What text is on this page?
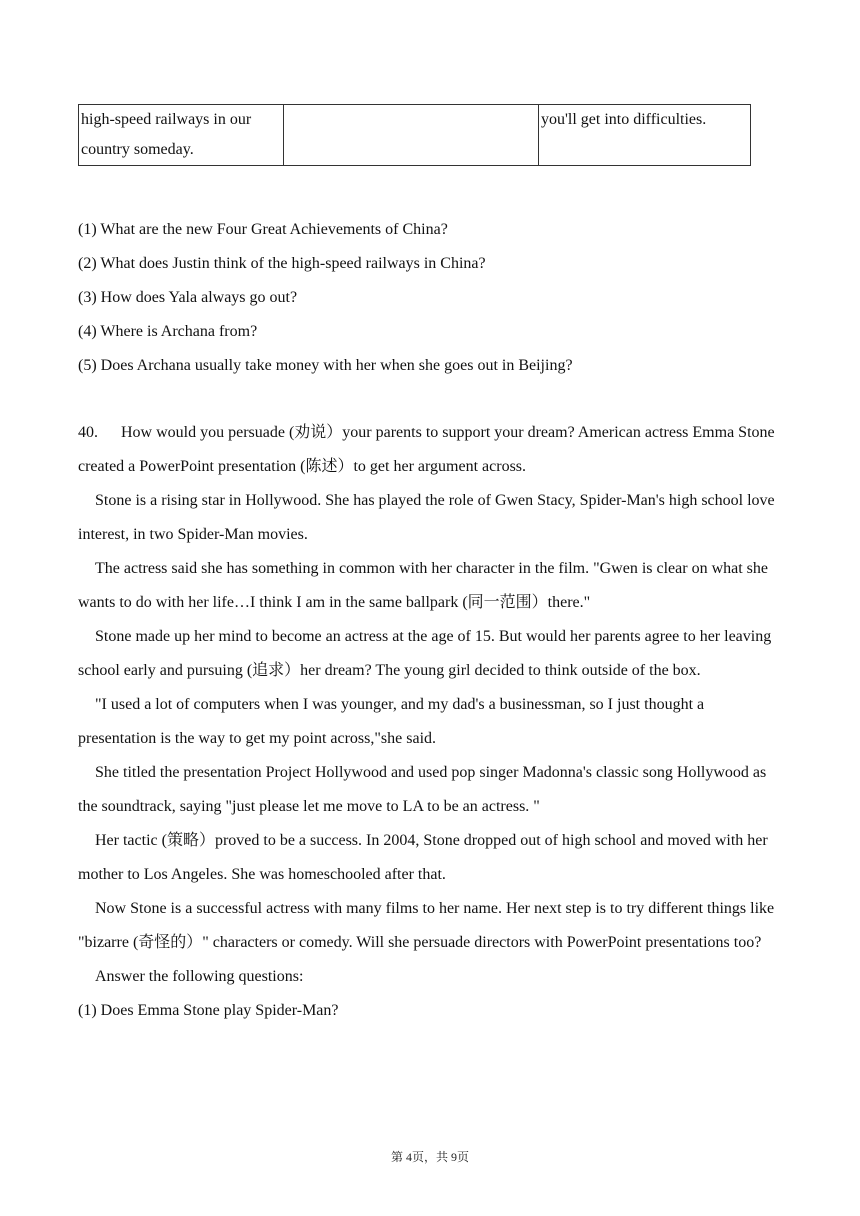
high-speed railways in our country someday.		you'll get into difficulties.
(1) What are the new Four Great Achievements of China?
(2) What does Justin think of the high-speed railways in China?
(3) How does Yala always go out?
(4) Where is Archana from?
(5) Does Archana usually take money with her when she goes out in Beijing?

40. How would you persuade (劝说）your parents to support your dream? American actress Emma Stone created a PowerPoint presentation (陈述）to get her argument across.

Stone is a rising star in Hollywood. She has played the role of Gwen Stacy, Spider-Man's high school love interest, in two Spider-Man movies.

The actress said she has something in common with her character in the film. "Gwen is clear on what she wants to do with her life…I think I am in the same ballpark (同一范围）there."

Stone made up her mind to become an actress at the age of 15. But would her parents agree to her leaving school early and pursuing (追求）her dream? The young girl decided to think outside of the box.

"I used a lot of computers when I was younger, and my dad's a businessman, so I just thought a presentation is the way to get my point across,"she said.

She titled the presentation Project Hollywood and used pop singer Madonna's classic song Hollywood as the soundtrack, saying "just please let me move to LA to be an actress. "

Her tactic (策略）proved to be a success. In 2004, Stone dropped out of high school and moved with her mother to Los Angeles. She was homeschooled after that.

Now Stone is a successful actress with many films to her name. Her next step is to try different things like "bizarre (奇怪的）" characters or comedy. Will she persuade directors with PowerPoint presentations too?

Answer the following questions:

(1) Does Emma Stone play Spider-Man?

第 4页，共 9页
